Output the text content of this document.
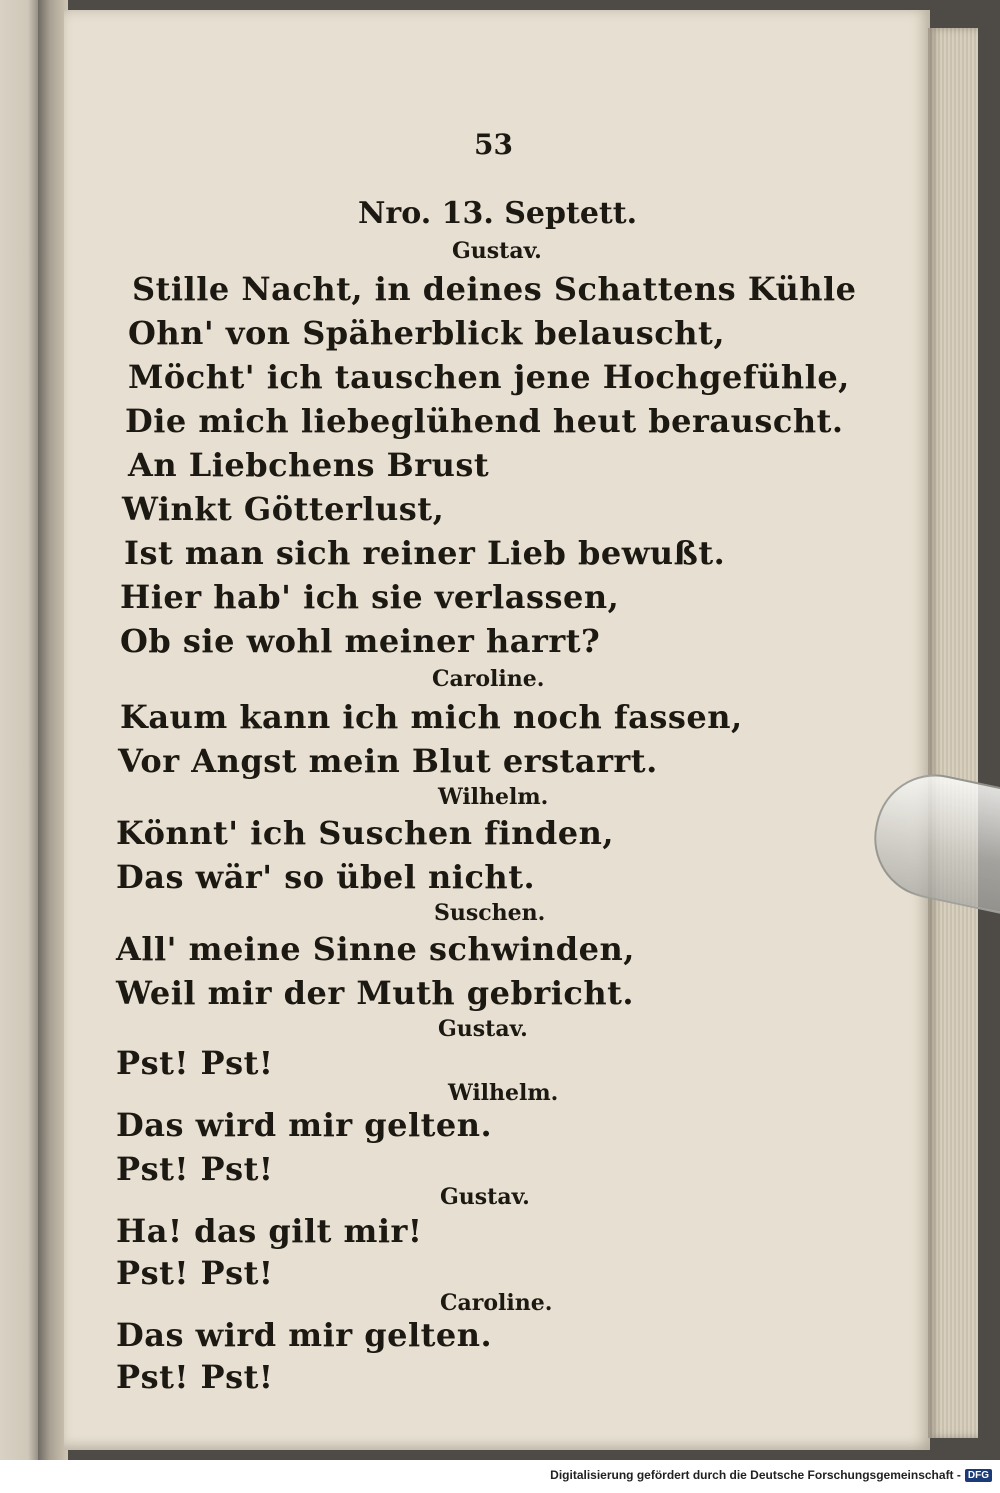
53
Nro. 13. Septett.
Gustav.
Stille Nacht, in deines Schattens Kühle
Ohn' von Späherblick belauscht,
Möcht' ich tauschen jene Hochgefühle,
Die mich liebeglühend heut berauscht.
An Liebchens Brust
Winkt Götterlust,
Ist man sich reiner Lieb bewußt.
Hier hab' ich sie verlassen,
Ob sie wohl meiner harrt?
Caroline.
Kaum kann ich mich noch fassen,
Vor Angst mein Blut erstarrt.
Wilhelm.
Könnt' ich Suschen finden,
Das wär' so übel nicht.
Suschen.
All' meine Sinne schwinden,
Weil mir der Muth gebricht.
Gustav.
Pst! Pst!
Wilhelm.
Das wird mir gelten.
Pst! Pst!
Gustav.
Ha! das gilt mir!
Pst! Pst!
Caroline.
Das wird mir gelten.
Pst! Pst!
Digitalisierung gefördert durch die Deutsche Forschungsgemeinschaft - DFG
